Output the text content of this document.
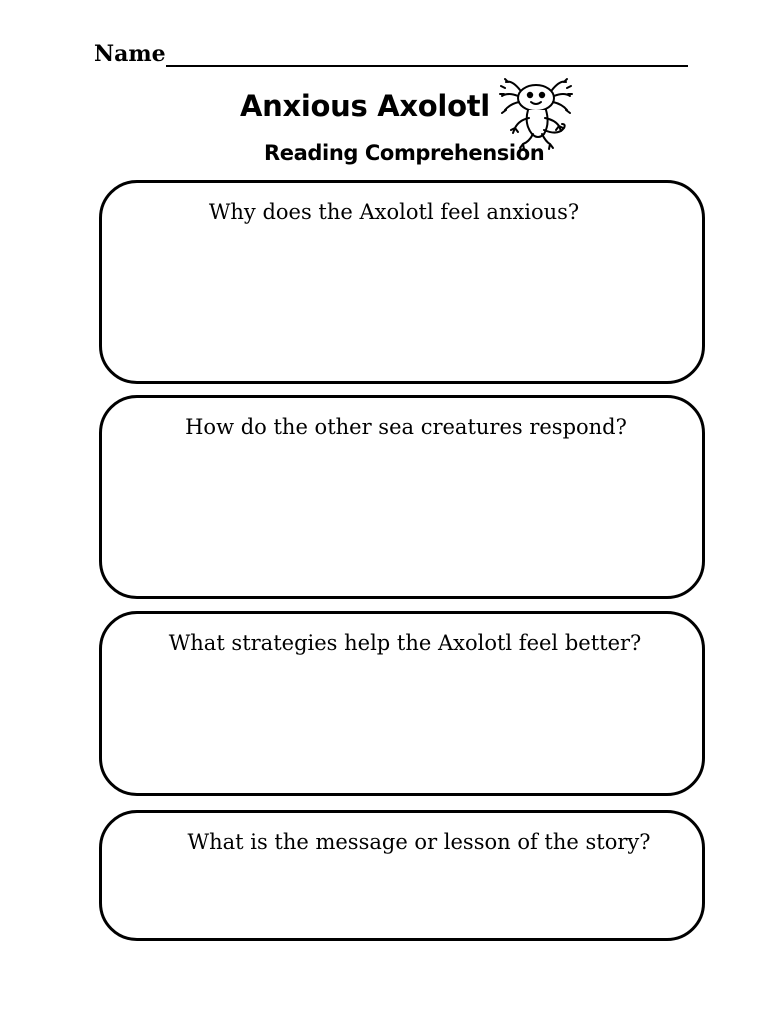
Name
Anxious Axolotl
Reading Comprehension
Why does the Axolotl feel anxious?
How do the other sea creatures respond?
What strategies help the Axolotl feel better?
What is the message or lesson of the story?
